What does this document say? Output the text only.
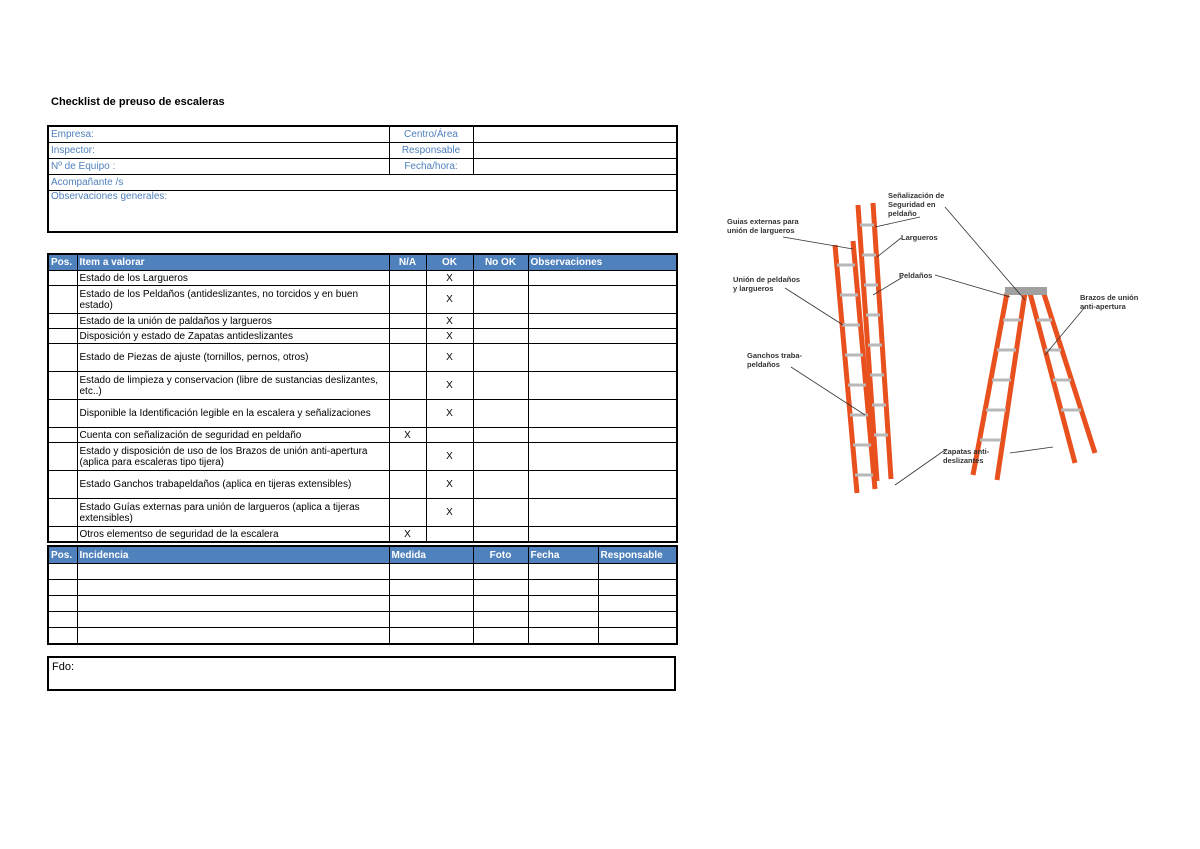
Checklist de preuso de escaleras
Empresa:	Centro/Área	
Inspector:	Responsable	
Nº de Equipo :	Fecha/hora:	
Acompañante /s		
Observaciones generales:		
Pos.	Item a valorar	N/A	OK	No OK	Observaciones
	Estado de los Largueros		X		
	Estado de los Peldaños (antideslizantes, no torcidos y en buen estado)		X		
	Estado de la unión de paldaños y largueros		X		
	Disposición y estado de Zapatas antideslizantes		X		
	Estado de Piezas de ajuste (tornillos, pernos, otros)		X		
	Estado de limpieza y conservacion (libre de sustancias deslizantes, etc..)		X		
	Disponible la Identificación legible en la escalera y señalizaciones		X		
	Cuenta con señalización de seguridad en peldaño	X			
	Estado y disposición de uso de los Brazos de unión anti-apertura (aplica para escaleras tipo tijera)		X		
	Estado Ganchos trabapeldaños (aplica en tijeras extensibles)		X		
	Estado Guías externas para unión de largueros (aplica a tijeras extensibles)		X		
	Otros elementso de seguridad de la escalera	X			
Pos.	Incidencia	Medida	Foto	Fecha	Responsable

Fdo:
Guias externas para
unión de largueros
Unión de peldaños
y largueros
Ganchos traba-
peldaños
Señalización de
Seguridad en
peldaño
Largueros
Peldaños
Brazos de unión
anti-apertura
Zapatas anti-
deslizantes
